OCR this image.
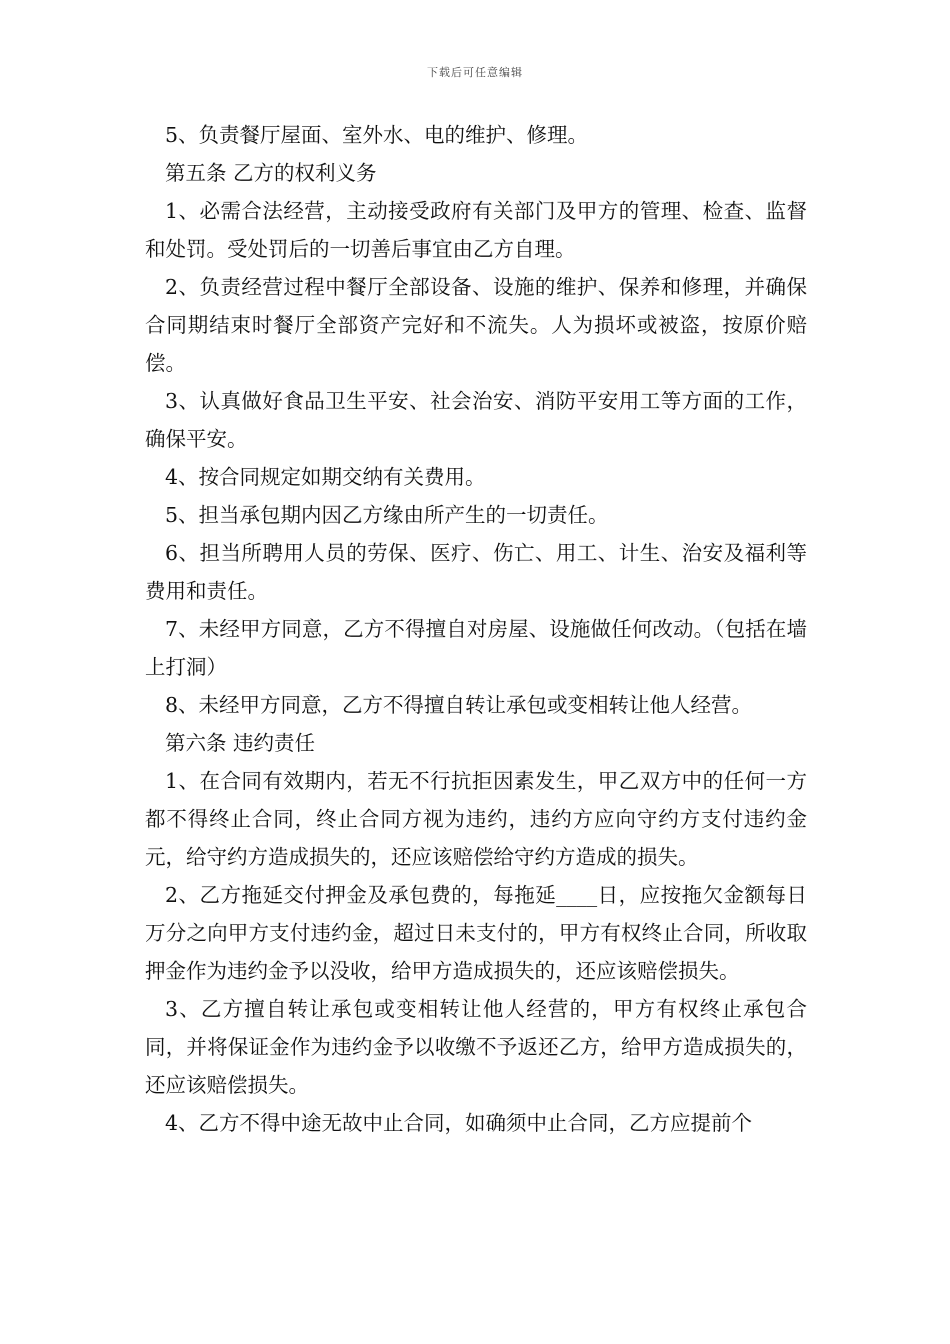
下载后可任意编辑

5、负责餐厅屋面、室外水、电的维护、修理。

第五条 乙方的权利义务

1、必需合法经营，主动接受政府有关部门及甲方的管理、检查、监督和处罚。受处罚后的一切善后事宜由乙方自理。

2、负责经营过程中餐厅全部设备、设施的维护、保养和修理，并确保合同期结束时餐厅全部资产完好和不流失。人为损坏或被盗，按原价赔偿。

3、认真做好食品卫生平安、社会治安、消防平安用工等方面的工作，确保平安。

4、按合同规定如期交纳有关费用。

5、担当承包期内因乙方缘由所产生的一切责任。

6、担当所聘用人员的劳保、医疗、伤亡、用工、计生、治安及福利等费用和责任。

7、未经甲方同意，乙方不得擅自对房屋、设施做任何改动。（包括在墙上打洞）

8、未经甲方同意，乙方不得擅自转让承包或变相转让他人经营。

第六条 违约责任

1、在合同有效期内，若无不行抗拒因素发生，甲乙双方中的任何一方都不得终止合同，终止合同方视为违约，违约方应向守约方支付违约金元，给守约方造成损失的，还应该赔偿给守约方造成的损失。

2、乙方拖延交付押金及承包费的，每拖延____日，应按拖欠金额每日万分之向甲方支付违约金，超过日未支付的，甲方有权终止合同，所收取押金作为违约金予以没收，给甲方造成损失的，还应该赔偿损失。

3、乙方擅自转让承包或变相转让他人经营的，甲方有权终止承包合同，并将保证金作为违约金予以收缴不予返还乙方，给甲方造成损失的，还应该赔偿损失。

4、乙方不得中途无故中止合同，如确须中止合同，乙方应提前个
